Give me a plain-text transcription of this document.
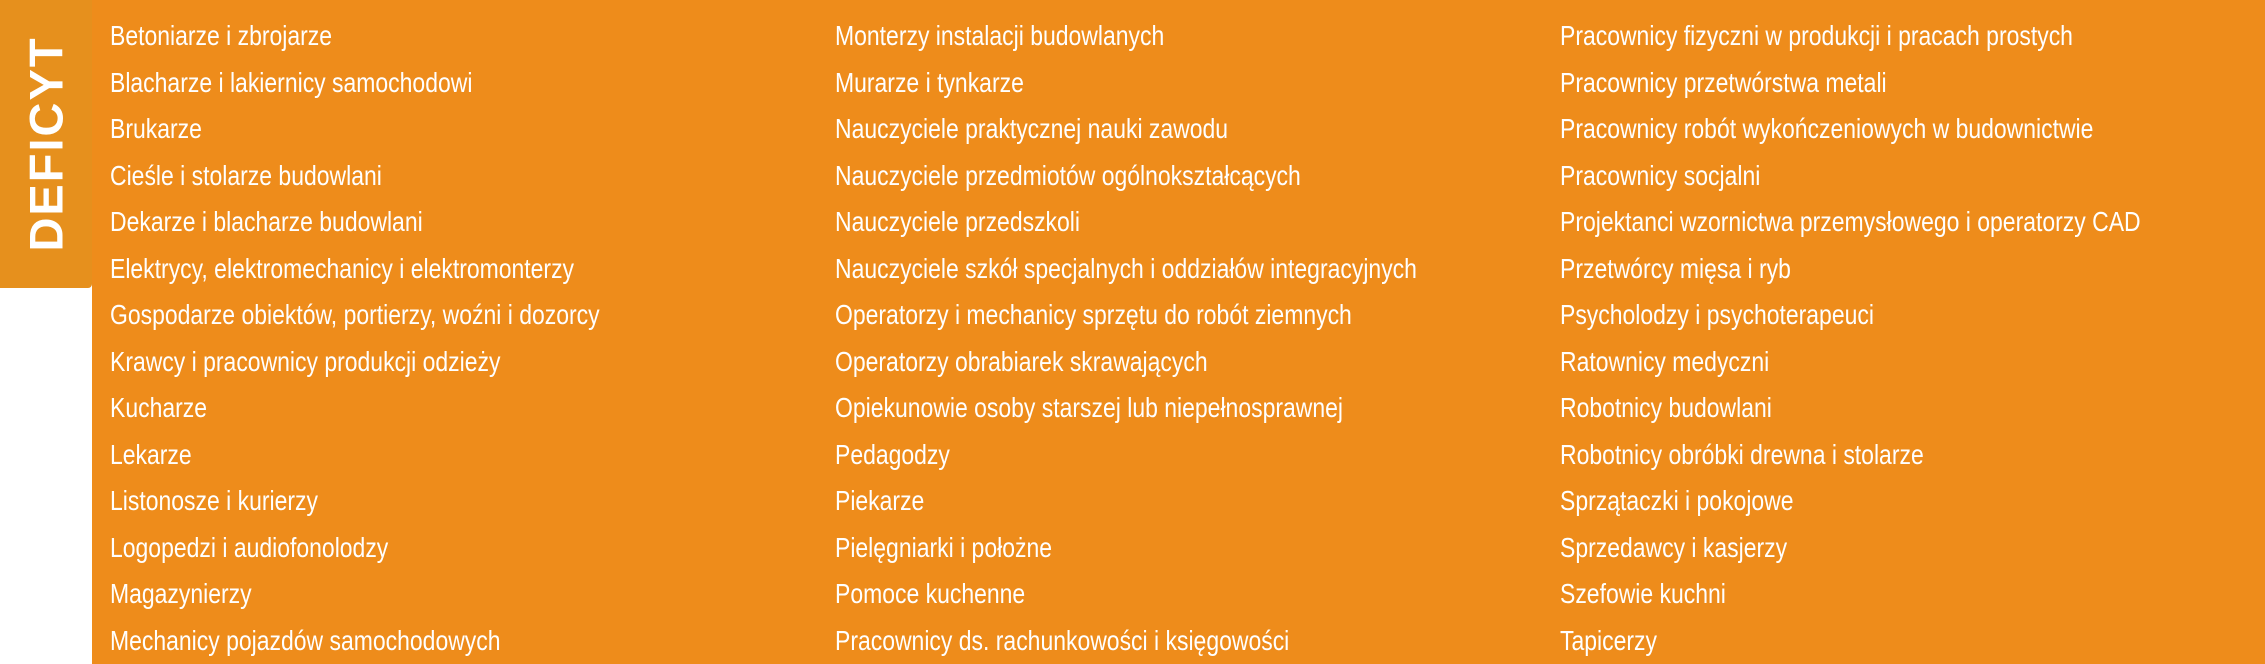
DEFICYT
Betoniarze i zbrojarze
Blacharze i lakiernicy samochodowi
Brukarze
Cieśle i stolarze budowlani
Dekarze i blacharze budowlani
Elektrycy, elektromechanicy i elektromonterzy
Gospodarze obiektów, portierzy, woźni i dozorcy
Krawcy i pracownicy produkcji odzieży
Kucharze
Lekarze
Listonosze i kurierzy
Logopedzi i audiofonolodzy
Magazynierzy
Mechanicy pojazdów samochodowych
Monterzy instalacji budowlanych
Murarze i tynkarze
Nauczyciele praktycznej nauki zawodu
Nauczyciele przedmiotów ogólnokształcących
Nauczyciele przedszkoli
Nauczyciele szkół specjalnych i oddziałów integracyjnych
Operatorzy i mechanicy sprzętu do robót ziemnych
Operatorzy obrabiarek skrawających
Opiekunowie osoby starszej lub niepełnosprawnej
Pedagodzy
Piekarze
Pielęgniarki i położne
Pomoce kuchenne
Pracownicy ds. rachunkowości i księgowości
Pracownicy fizyczni w produkcji i pracach prostych
Pracownicy przetwórstwa metali
Pracownicy robót wykończeniowych w budownictwie
Pracownicy socjalni
Projektanci wzornictwa przemysłowego i operatorzy CAD
Przetwórcy mięsa i ryb
Psycholodzy i psychoterapeuci
Ratownicy medyczni
Robotnicy budowlani
Robotnicy obróbki drewna i stolarze
Sprzątaczki i pokojowe
Sprzedawcy i kasjerzy
Szefowie kuchni
Tapicerzy
